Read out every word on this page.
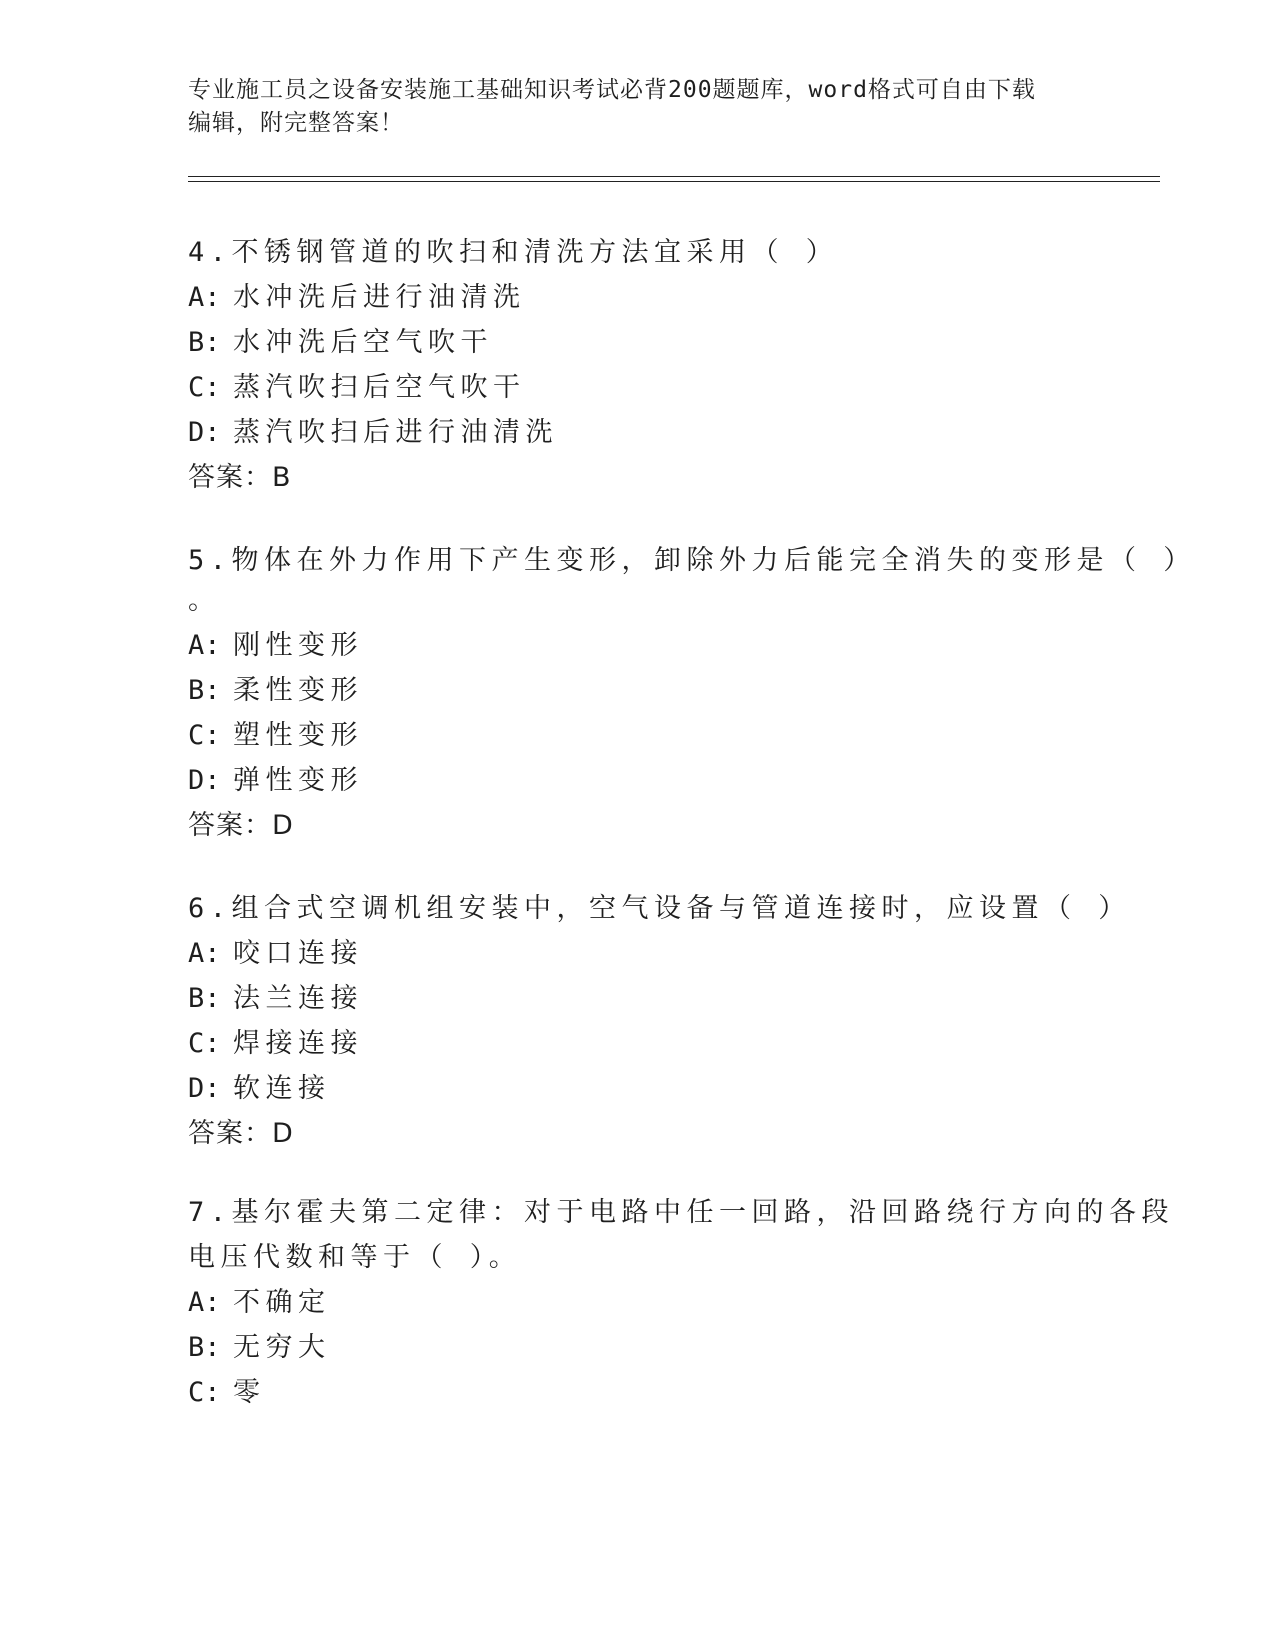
专业施工员之设备安装施工基础知识考试必背200题题库，word格式可自由下载
编辑，附完整答案！
4.不锈钢管道的吹扫和清洗方法宜采用（ ）
A: 水冲洗后进行油清洗
B: 水冲洗后空气吹干
C: 蒸汽吹扫后空气吹干
D: 蒸汽吹扫后进行油清洗
答案：B
5.物体在外力作用下产生变形，卸除外力后能完全消失的变形是（ ）
。
A: 刚性变形
B: 柔性变形
C: 塑性变形
D: 弹性变形
答案：D
6.组合式空调机组安装中，空气设备与管道连接时，应设置（ ）
A: 咬口连接
B: 法兰连接
C: 焊接连接
D: 软连接
答案：D
7.基尔霍夫第二定律：对于电路中任一回路，沿回路绕行方向的各段
电压代数和等于（ ）。
A: 不确定
B: 无穷大
C: 零
